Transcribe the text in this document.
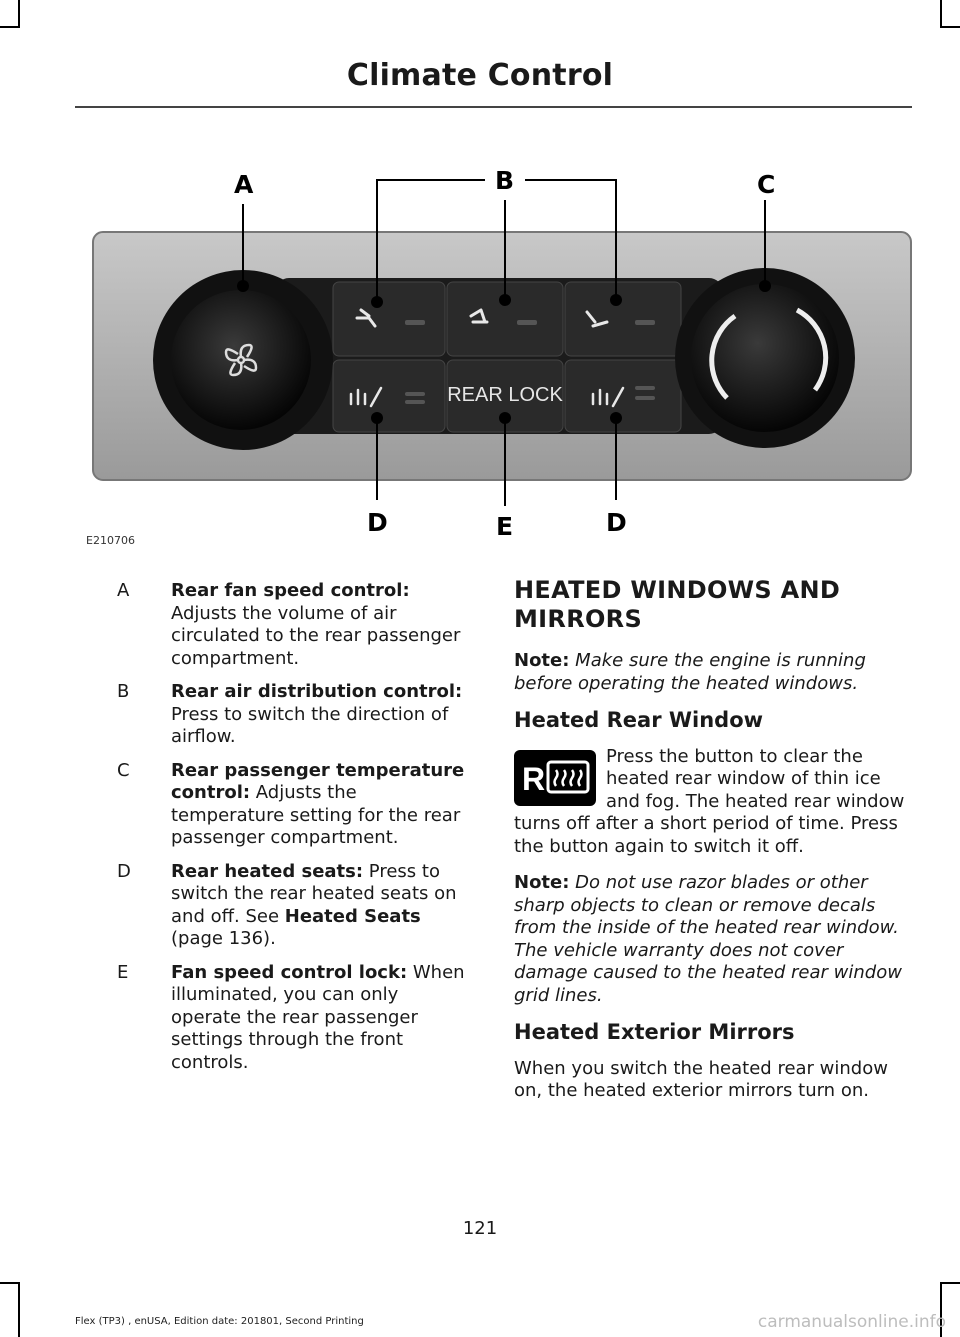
Climate Control
REAR LOCK
A	B	C
D	E	D
E210706
A Rear fan speed control: Adjusts the volume of air circulated to the rear passenger compartment.
B Rear air distribution control: Press to switch the direction of airflow.
C Rear passenger temperature control: Adjusts the temperature setting for the rear passenger compartment.
D Rear heated seats: Press to switch the rear heated seats on and off. See Heated Seats (page 136).
E Fan speed control lock: When illuminated, you can only operate the rear passenger settings through the front controls.
HEATED WINDOWS AND MIRRORS
Note: Make sure the engine is running before operating the heated windows.
Heated Rear Window
R
Press the button to clear the heated rear window of thin ice and fog. The heated rear window turns off after a short period of time. Press the button again to switch it off.
Note: Do not use razor blades or other sharp objects to clean or remove decals from the inside of the heated rear window. The vehicle warranty does not cover damage caused to the heated rear window grid lines.
Heated Exterior Mirrors
When you switch the heated rear window on, the heated exterior mirrors turn on.
121
Flex (TP3) , enUSA, Edition date: 201801, Second Printing	carmanualsonline.info
